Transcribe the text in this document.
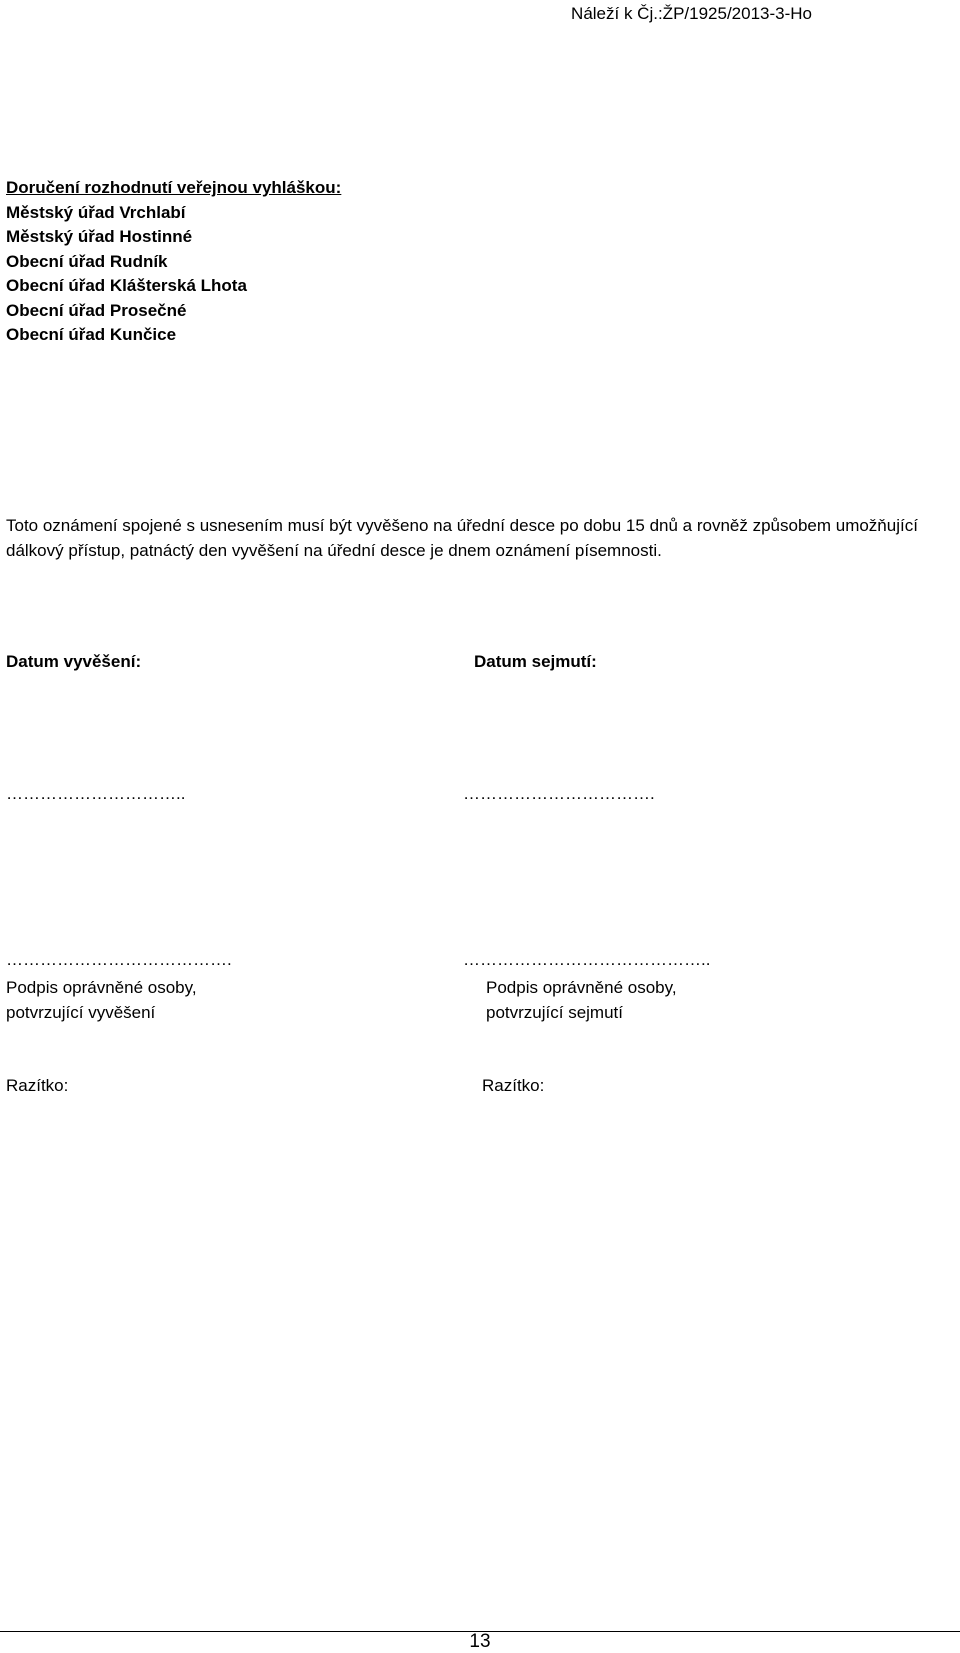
Náleží k Čj.:ŽP/1925/2013-3-Ho
Doručení rozhodnutí veřejnou vyhláškou:
Městský úřad Vrchlabí
Městský úřad Hostinné
Obecní úřad Rudník
Obecní úřad Klášterská Lhota
Obecní úřad Prosečné
Obecní úřad Kunčice
Toto oznámení spojené s usnesením musí být vyvěšeno na úřední desce po dobu 15 dnů a rovněž způsobem umožňující dálkový přístup, patnáctý den vyvěšení na úřední desce je dnem oznámení písemnosti.
Datum vyvěšení:	Datum sejmutí:
…………………………..	…………………………….
………………………………….	……………………………………..
Podpis oprávněné osoby,
potvrzující vyvěšení
Podpis oprávněné osoby,
potvrzující sejmutí
Razítko:	Razítko:
13
